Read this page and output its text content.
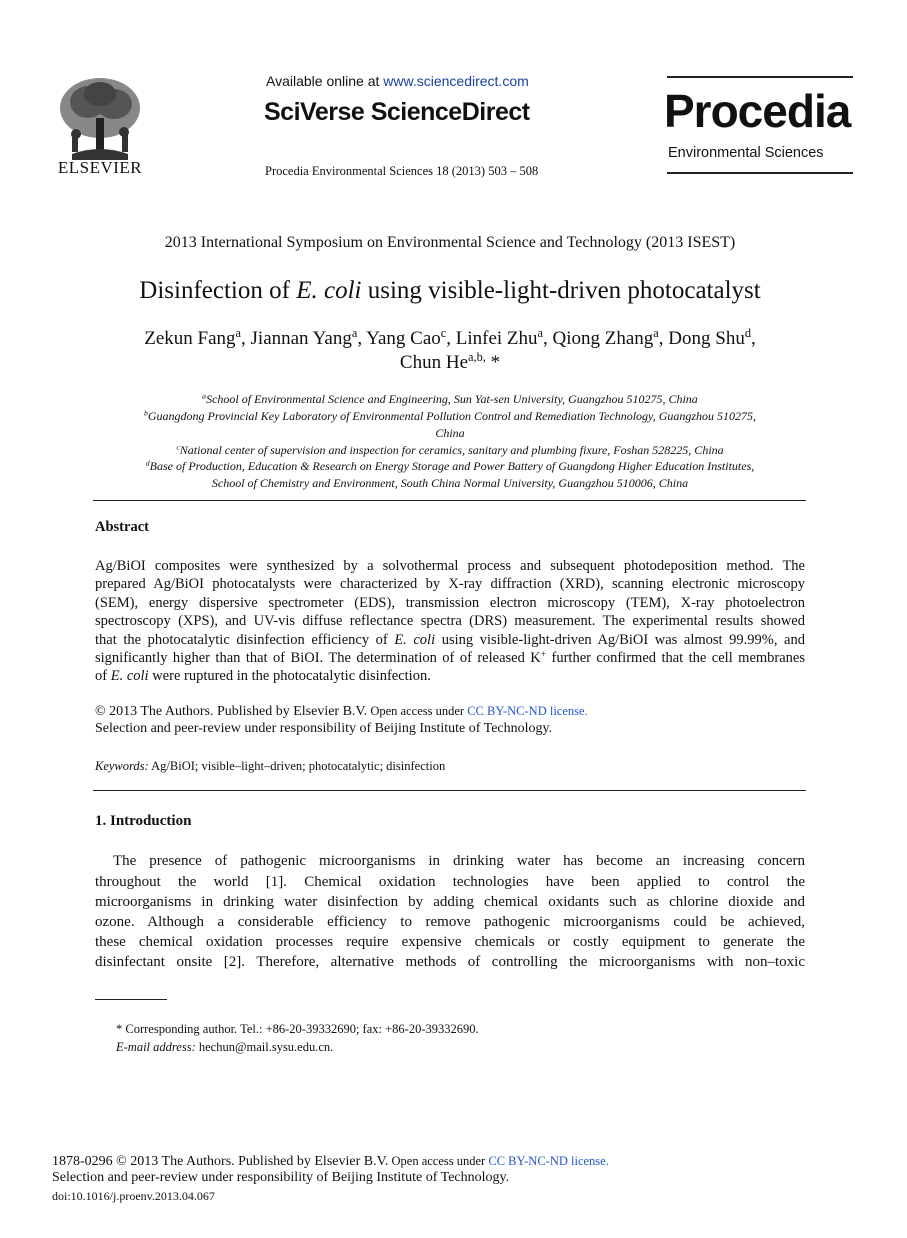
ELSEVIER
Available online at www.sciencedirect.com
SciVerse ScienceDirect
Procedia Environmental Sciences 18 (2013) 503 – 508
Procedia
Environmental Sciences
2013 International Symposium on Environmental Science and Technology (2013 ISEST)
Disinfection of E. coli using visible-light-driven photocatalyst
Zekun Fang$^a$, Jiannan Yang$^a$, Yang Cao$^c$, Linfei Zhu$^a$, Qiong Zhang$^a$, Dong Shu$^d$,
Chun $He^{a,b,}$ *
$^a$School of Environmental Science and Engineering, Sun Yat-sen University, Guangzhou 510275, China
$^b$Guangdong Provincial Key Laboratory of Environmental Pollution Control and Remediation Technology, Guangzhou 510275,
China
$^c$National center of supervision and inspection for ceramics, sanitary and plumbing fixure, Foshan 528225, China
$^d$Base of Production, Education & Research on Energy Storage and Power Battery of Guangdong Higher Education Institutes,
School of Chemistry and Environment, South China Normal University, Guangzhou 510006, China
Abstract
Ag/BiOI composites were synthesized by a solvothermal process and subsequent photodeposition method. The
prepared Ag/BiOI photocatalysts were characterized by X-ray diffraction (XRD), scanning electronic microscopy
(SEM), energy dispersive spectrometer (EDS), transmission electron microscopy (TEM), X-ray photoelectron
spectroscopy (XPS), and UV-vis diffuse reflectance spectra (DRS) measurement. The experimental results showed
that the photocatalytic disinfection efficiency of E. coli using visible-light-driven Ag/BiOI was almost 99.99%, and
significantly higher than that of BiOI. The determination of of released K+ further confirmed that the cell membranes
of E. coli were ruptured in the photocatalytic disinfection.
© 2013 The Authors. Published by Elsevier B.V. Open access under CC BY-NC-ND license.
Selection and peer-review under responsibility of Beijing Institute of Technology.
Keywords: Ag/BiOI; visible–light–driven; photocatalytic; disinfection
1. Introduction
The presence of pathogenic microorganisms in drinking water has become an increasing concern
throughout the world [1]. Chemical oxidation technologies have been applied to control the
microorganisms in drinking water disinfection by adding chemical oxidants such as chlorine dioxide and
ozone. Although a considerable efficiency to remove pathogenic microorganisms could be achieved,
these chemical oxidation processes require expensive chemicals or costly equipment to generate the
disinfectant onsite [2]. Therefore, alternative methods of controlling the microorganisms with non–toxic
* Corresponding author. Tel.: +86-20-39332690; fax: +86-20-39332690.
E-mail address: hechun@mail.sysu.edu.cn.
1878-0296 © 2013 The Authors. Published by Elsevier B.V. Open access under CC BY-NC-ND license.
Selection and peer-review under responsibility of Beijing Institute of Technology.
doi:10.1016/j.proenv.2013.04.067
